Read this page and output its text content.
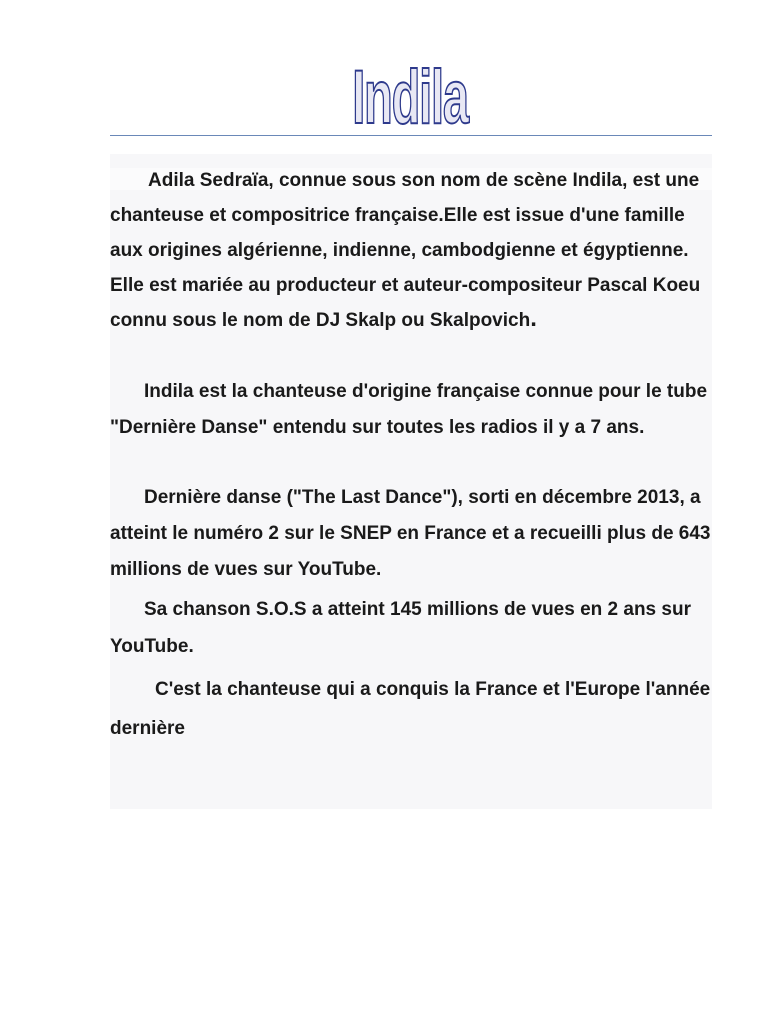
Indila

Adila Sedraïa, connue sous son nom de scène Indila, est une chanteuse et compositrice française.Elle est issue d'une famille aux origines algérienne, indienne, cambodgienne et égyptienne. Elle est mariée au producteur et auteur-compositeur Pascal Koeu connu sous le nom de DJ Skalp ou Skalpovich.

Indila est la chanteuse d'origine française connue pour le tube "Dernière Danse" entendu sur toutes les radios il y a 7 ans.

Dernière danse ("The Last Dance"), sorti en décembre 2013, a atteint le numéro 2 sur le SNEP en France et a recueilli plus de 643 millions de vues sur YouTube.

Sa chanson S.O.S a atteint 145 millions de vues en 2 ans sur YouTube.

C'est la chanteuse qui a conquis la France et l'Europe l'année dernière
